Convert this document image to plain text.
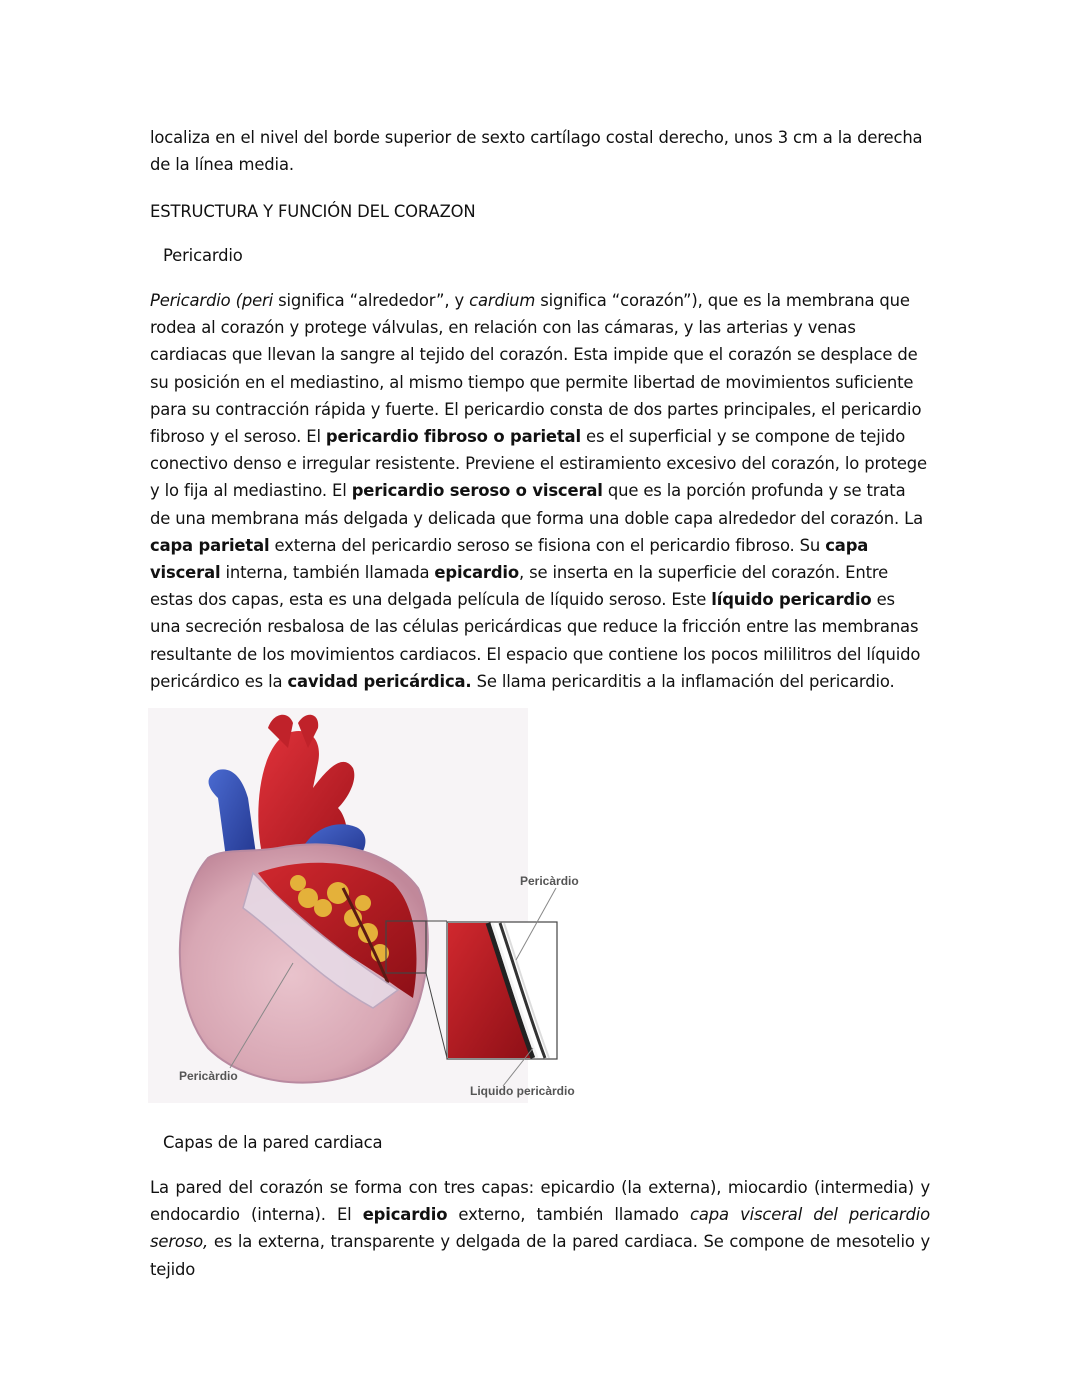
localiza en el nivel del borde superior de sexto cartílago costal derecho, unos 3 cm a la derecha de la línea media.

ESTRUCTURA Y FUNCIÓN DEL CORAZON
Pericardio

Pericardio (peri significa “alrededor”, y cardium significa “corazón”), que es la membrana que rodea al corazón y protege válvulas, en relación con las cámaras, y las arterias y venas cardiacas que llevan la sangre al tejido del corazón. Esta impide que el corazón se desplace de su posición en el mediastino, al mismo tiempo que permite libertad de movimientos suficiente para su contracción rápida y fuerte. El pericardio consta de dos partes principales, el pericardio fibroso y el seroso. El pericardio fibroso o parietal es el superficial y se compone de tejido conectivo denso e irregular resistente. Previene el estiramiento excesivo del corazón, lo protege y lo fija al mediastino. El pericardio seroso o visceral que es la porción profunda y se trata de una membrana más delgada y delicada que forma una doble capa alrededor del corazón. La capa parietal externa del pericardio seroso se fisiona con el pericardio fibroso. Su capa visceral interna, también llamada epicardio, se inserta en la superficie del corazón. Entre estas dos capas, esta es una delgada película de líquido seroso. Este líquido pericardio es una secreción resbalosa de las células pericárdicas que reduce la fricción entre las membranas resultante de los movimientos cardiacos. El espacio que contiene los pocos mililitros del líquido pericárdico es la cavidad pericárdica. Se llama pericarditis a la inflamación del pericardio.

Pericàrdio
Pericàrdio
Liquido pericàrdio
Capas de la pared cardiaca

La pared del corazón se forma con tres capas: epicardio (la externa), miocardio (intermedia) y endocardio (interna). El epicardio externo, también llamado capa visceral del pericardio seroso, es la externa, transparente y delgada de la pared cardiaca. Se compone de mesotelio y tejido
